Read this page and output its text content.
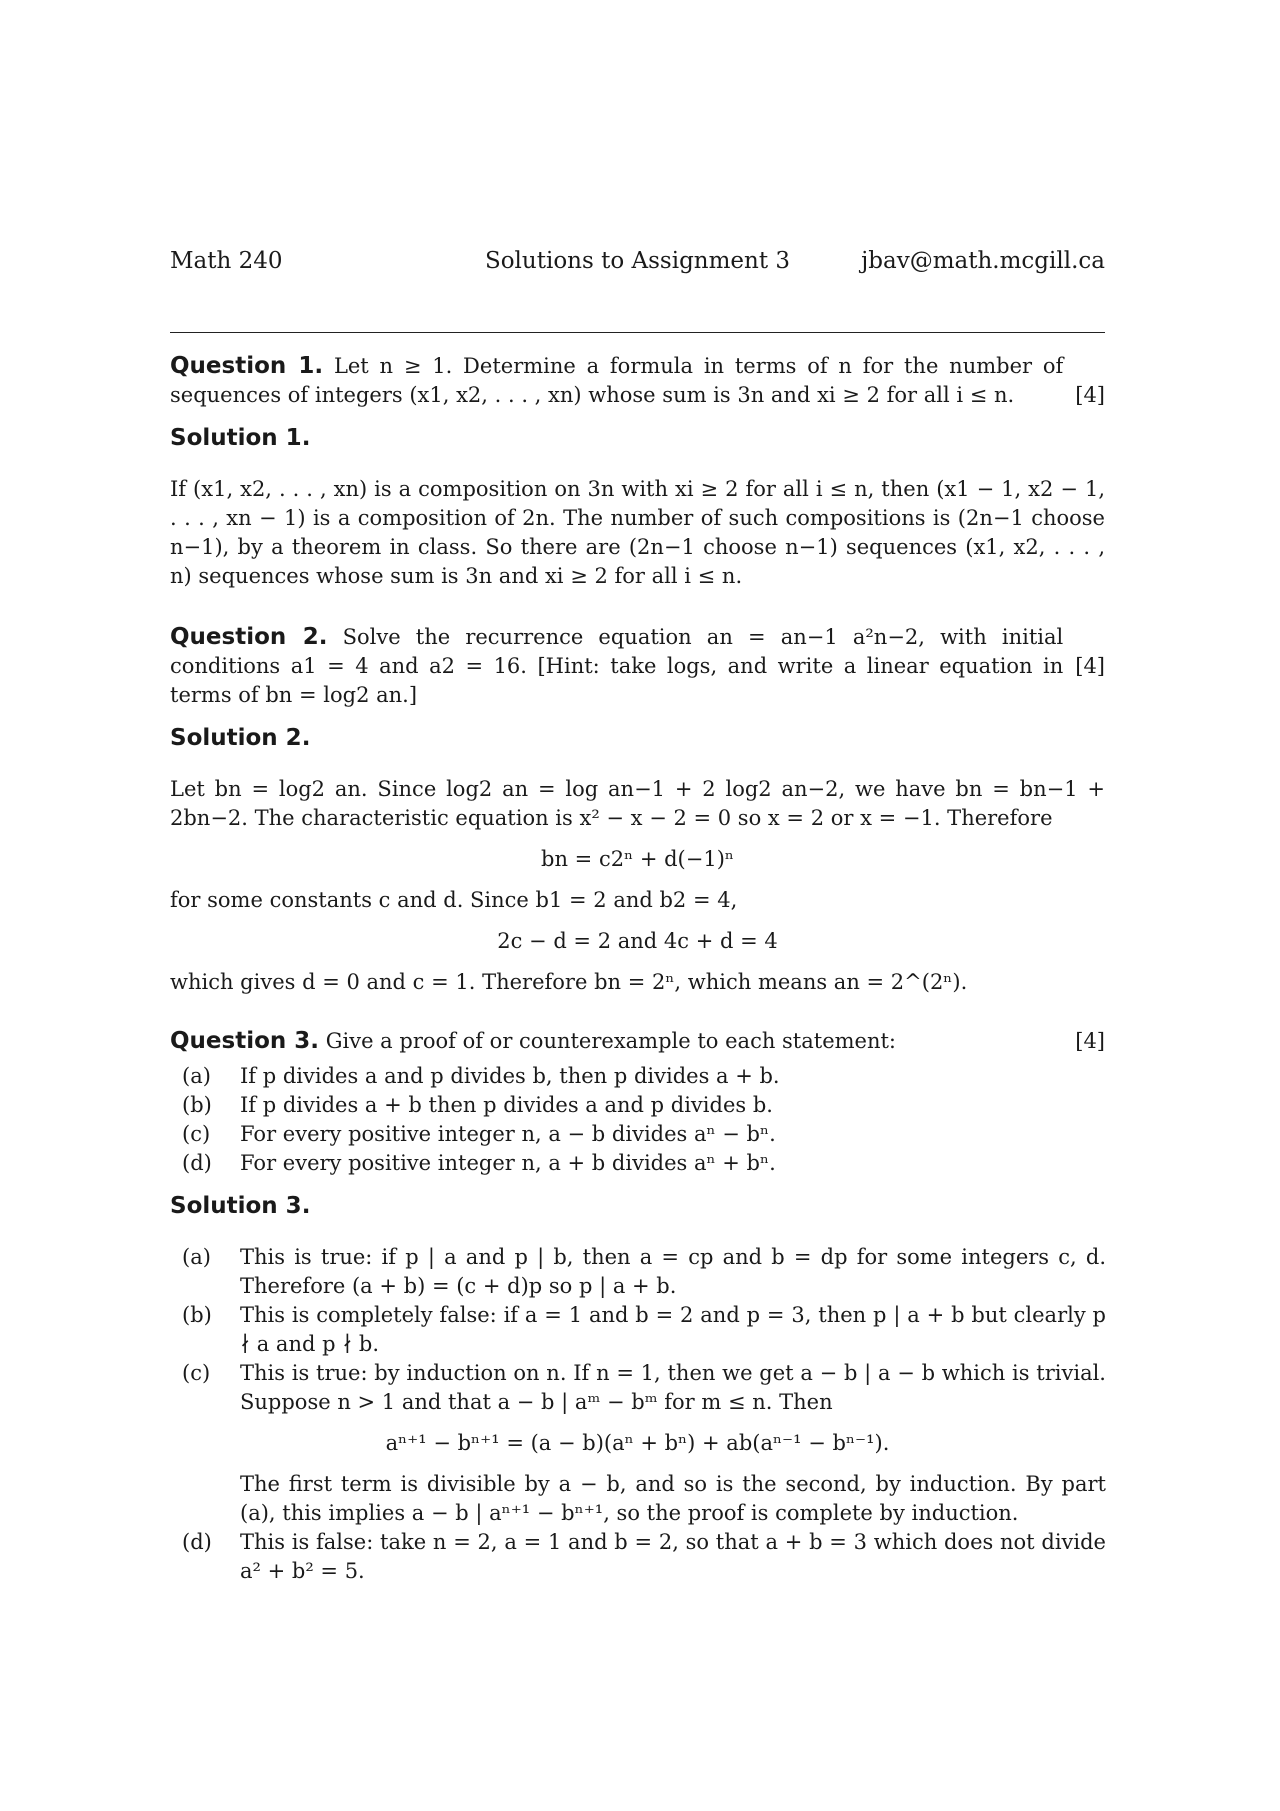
Math 240	Solutions to Assignment 3	jbav@math.mcgill.ca

[4]
Question 1. Let n ≥ 1. Determine a formula in terms of n for the number of sequences of integers (x1, x2, . . . , xn) whose sum is 3n and xi ≥ 2 for all i ≤ n.

Solution 1.

If (x1, x2, . . . , xn) is a composition on 3n with xi ≥ 2 for all i ≤ n, then (x1 − 1, x2 − 1, . . . , xn − 1) is a composition of 2n. The number of such compositions is (2n−1 choose n−1), by a theorem in class. So there are (2n−1 choose n−1) sequences (x1, x2, . . . , n) sequences whose sum is 3n and xi ≥ 2 for all i ≤ n.

[4]
Question 2. Solve the recurrence equation an = an−1 a²n−2, with initial conditions a1 = 4 and a2 = 16. [Hint: take logs, and write a linear equation in terms of bn = log2 an.]

Solution 2.

Let bn = log2 an. Since log2 an = log an−1 + 2 log2 an−2, we have bn = bn−1 + 2bn−2. The characteristic equation is x² − x − 2 = 0 so x = 2 or x = −1. Therefore

bn = c2ⁿ + d(−1)ⁿ

for some constants c and d. Since b1 = 2 and b2 = 4,

2c − d = 2 and 4c + d = 4

which gives d = 0 and c = 1. Therefore bn = 2ⁿ, which means an = 2^(2ⁿ).

[4]
Question 3. Give a proof of or counterexample to each statement:

(a)	If p divides a and p divides b, then p divides a + b.
(b)	If p divides a + b then p divides a and p divides b.
(c)	For every positive integer n, a − b divides aⁿ − bⁿ.
(d)	For every positive integer n, a + b divides aⁿ + bⁿ.
Solution 3.
(a)	This is true: if p | a and p | b, then a = cp and b = dp for some integers c, d. Therefore (a + b) = (c + d)p so p | a + b.
(b)	This is completely false: if a = 1 and b = 2 and p = 3, then p | a + b but clearly p ∤ a and p ∤ b.
(c)	This is true: by induction on n. If n = 1, then we get a − b | a − b which is trivial. Suppose n > 1 and that a − b | aᵐ − bᵐ for m ≤ n. Then
aⁿ⁺¹ − bⁿ⁺¹ = (a − b)(aⁿ + bⁿ) + ab(aⁿ⁻¹ − bⁿ⁻¹).
The first term is divisible by a − b, and so is the second, by induction. By part (a), this implies a − b | aⁿ⁺¹ − bⁿ⁺¹, so the proof is complete by induction.
(d)	This is false: take n = 2, a = 1 and b = 2, so that a + b = 3 which does not divide a² + b² = 5.
